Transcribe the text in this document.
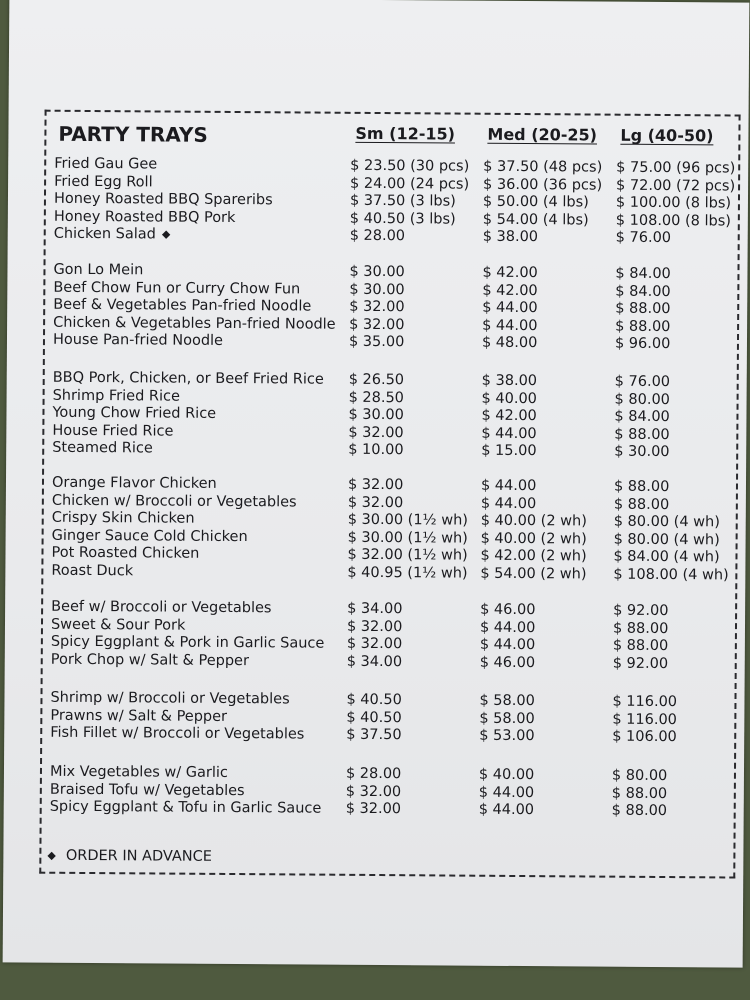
PARTY TRAYS	Sm (12-15) Med (20-25) Lg (40-50)
Fried Gau Gee	$ 23.50 (30 pcs) $ 37.50 (48 pcs) $ 75.00 (96 pcs)
Fried Egg Roll	$ 24.00 (24 pcs) $ 36.00 (36 pcs) $ 72.00 (72 pcs)
Honey Roasted BBQ Spareribs	$ 37.50 (3 lbs) $ 50.00 (4 lbs) $ 100.00 (8 lbs)
Honey Roasted BBQ Pork	$ 40.50 (3 lbs) $ 54.00 (4 lbs) $ 108.00 (8 lbs)
Chicken Salad ◆	$ 28.00	$ 38.00	$ 76.00
Gon Lo Mein	$ 30.00	$ 42.00	$ 84.00
Beef Chow Fun or Curry Chow Fun	$ 30.00	$ 42.00	$ 84.00
Beef & Vegetables Pan-fried Noodle	$ 32.00	$ 44.00	$ 88.00
Chicken & Vegetables Pan-fried Noodle $ 32.00	$ 44.00	$ 88.00
House Pan-fried Noodle	$ 35.00	$ 48.00	$ 96.00
BBQ Pork, Chicken, or Beef Fried Rice $ 26.50	$ 38.00	$ 76.00
Shrimp Fried Rice	$ 28.50	$ 40.00	$ 80.00
Young Chow Fried Rice	$ 30.00	$ 42.00	$ 84.00
House Fried Rice	$ 32.00	$ 44.00	$ 88.00
Steamed Rice	$ 10.00	$ 15.00	$ 30.00
Orange Flavor Chicken	$ 32.00	$ 44.00	$ 88.00
Chicken w/ Broccoli or Vegetables	$ 32.00	$ 44.00	$ 88.00
Crispy Skin Chicken	$ 30.00 (1½ wh) $ 40.00 (2 wh) $ 80.00 (4 wh)
Ginger Sauce Cold Chicken	$ 30.00 (1½ wh) $ 40.00 (2 wh) $ 80.00 (4 wh)
Pot Roasted Chicken	$ 32.00 (1½ wh) $ 42.00 (2 wh) $ 84.00 (4 wh)
Roast Duck	$ 40.95 (1½ wh) $ 54.00 (2 wh) $ 108.00 (4 wh)
Beef w/ Broccoli or Vegetables	$ 34.00	$ 46.00	$ 92.00
Sweet & Sour Pork	$ 32.00	$ 44.00	$ 88.00
Spicy Eggplant & Pork in Garlic Sauce $ 32.00	$ 44.00	$ 88.00
Pork Chop w/ Salt & Pepper	$ 34.00	$ 46.00	$ 92.00
Shrimp w/ Broccoli or Vegetables	$ 40.50	$ 58.00	$ 116.00
Prawns w/ Salt & Pepper	$ 40.50	$ 58.00	$ 116.00
Fish Fillet w/ Broccoli or Vegetables	$ 37.50	$ 53.00	$ 106.00
Mix Vegetables w/ Garlic	$ 28.00	$ 40.00	$ 80.00
Braised Tofu w/ Vegetables	$ 32.00	$ 44.00	$ 88.00
Spicy Eggplant & Tofu in Garlic Sauce $ 32.00	$ 44.00	$ 88.00
◆ ORDER IN ADVANCE
